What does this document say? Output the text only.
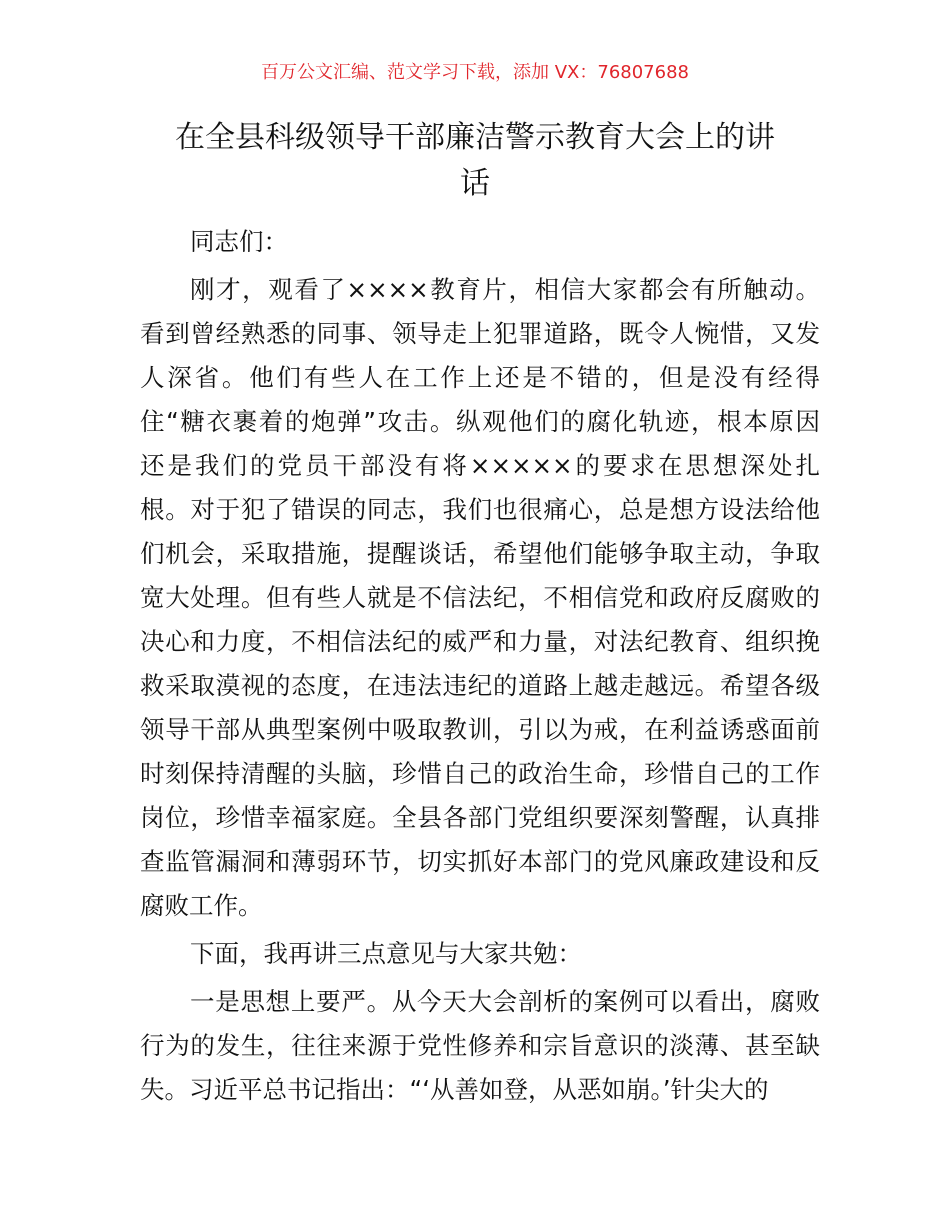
百万公文汇编、范文学习下载，添加 VX：76807688
在全县科级领导干部廉洁警示教育大会上的讲
话
同志们：
刚才，观看了××××教育片，相信大家都会有所触动。
看到曾经熟悉的同事、领导走上犯罪道路，既令人惋惜，又发
人深省。他们有些人在工作上还是不错的，但是没有经得
住“糖衣裹着的炮弹”攻击。纵观他们的腐化轨迹，根本原因
还是我们的党员干部没有将×××××的要求在思想深处扎
根。对于犯了错误的同志，我们也很痛心，总是想方设法给他
们机会，采取措施，提醒谈话，希望他们能够争取主动，争取
宽大处理。但有些人就是不信法纪，不相信党和政府反腐败的
决心和力度，不相信法纪的威严和力量，对法纪教育、组织挽
救采取漠视的态度，在违法违纪的道路上越走越远。希望各级
领导干部从典型案例中吸取教训，引以为戒，在利益诱惑面前
时刻保持清醒的头脑，珍惜自己的政治生命，珍惜自己的工作
岗位，珍惜幸福家庭。全县各部门党组织要深刻警醒，认真排
查监管漏洞和薄弱环节，切实抓好本部门的党风廉政建设和反
腐败工作。
下面，我再讲三点意见与大家共勉：
一是思想上要严。从今天大会剖析的案例可以看出，腐败
行为的发生，往往来源于党性修养和宗旨意识的淡薄、甚至缺
失。习近平总书记指出：“‘从善如登，从恶如崩。’针尖大的
